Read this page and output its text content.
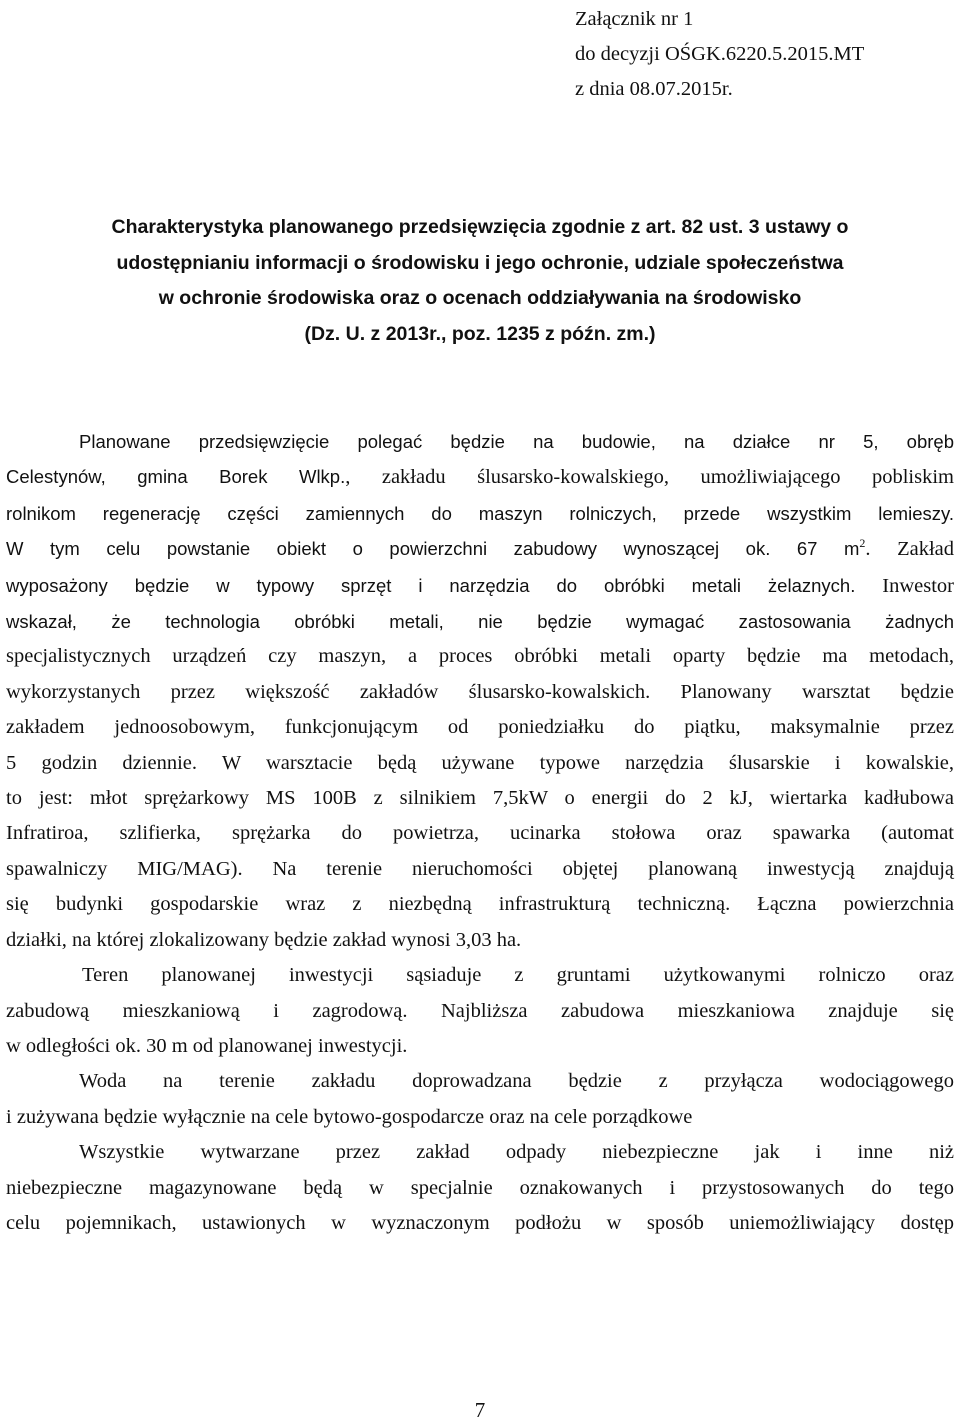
Załącznik nr 1
do decyzji OŚGK.6220.5.2015.MT
z dnia 08.07.2015r.
Charakterystyka planowanego przedsięwzięcia zgodnie z art. 82 ust. 3 ustawy o
udostępnianiu informacji o środowisku i jego ochronie, udziale społeczeństwa
w ochronie środowiska oraz o ocenach oddziaływania na środowisko
(Dz. U. z 2013r., poz. 1235 z późn. zm.)
Planowane przedsięwzięcie polegać będzie na budowie, na działce nr 5, obręb
Celestynów, gmina Borek Wlkp., zakładu ślusarsko-kowalskiego, umożliwiającego pobliskim
rolnikom regenerację części zamiennych do maszyn rolniczych, przede wszystkim lemieszy.
W tym celu powstanie obiekt o powierzchni zabudowy wynoszącej ok. 67 $m^2$. Zakład
wyposażony będzie w typowy sprzęt i narzędzia do obróbki metali żelaznych. Inwestor
wskazał, że technologia obróbki metali, nie będzie wymagać zastosowania żadnych
specjalistycznych urządzeń czy maszyn, a proces obróbki metali oparty będzie ma metodach,
wykorzystanych przez większość zakładów ślusarsko-kowalskich. Planowany warsztat będzie
zakładem jednoosobowym, funkcjonującym od poniedziałku do piątku, maksymalnie przez
5 godzin dziennie. W warsztacie będą używane typowe narzędzia ślusarskie i kowalskie,
to jest: młot sprężarkowy MS 100B z silnikiem 7,5kW o energii do 2 kJ, wiertarka kadłubowa
Infratiroa, szlifierka, sprężarka do powietrza, ucinarka stołowa oraz spawarka (automat
spawalniczy MIG/MAG). Na terenie nieruchomości objętej planowaną inwestycją znajdują
się budynki gospodarskie wraz z niezbędną infrastrukturą techniczną. Łączna powierzchnia
działki, na której zlokalizowany będzie zakład wynosi 3,03 ha.
Teren planowanej inwestycji sąsiaduje z gruntami użytkowanymi rolniczo oraz
zabudową mieszkaniową i zagrodową. Najbliższa zabudowa mieszkaniowa znajduje się
w odległości ok. 30 m od planowanej inwestycji.
Woda na terenie zakładu doprowadzana będzie z przyłącza wodociągowego
i zużywana będzie wyłącznie na cele bytowo-gospodarcze oraz na cele porządkowe
Wszystkie wytwarzane przez zakład odpady niebezpieczne jak i inne niż
niebezpieczne magazynowane będą w specjalnie oznakowanych i przystosowanych do tego
celu pojemnikach, ustawionych w wyznaczonym podłożu w sposób uniemożliwiający dostęp
7
